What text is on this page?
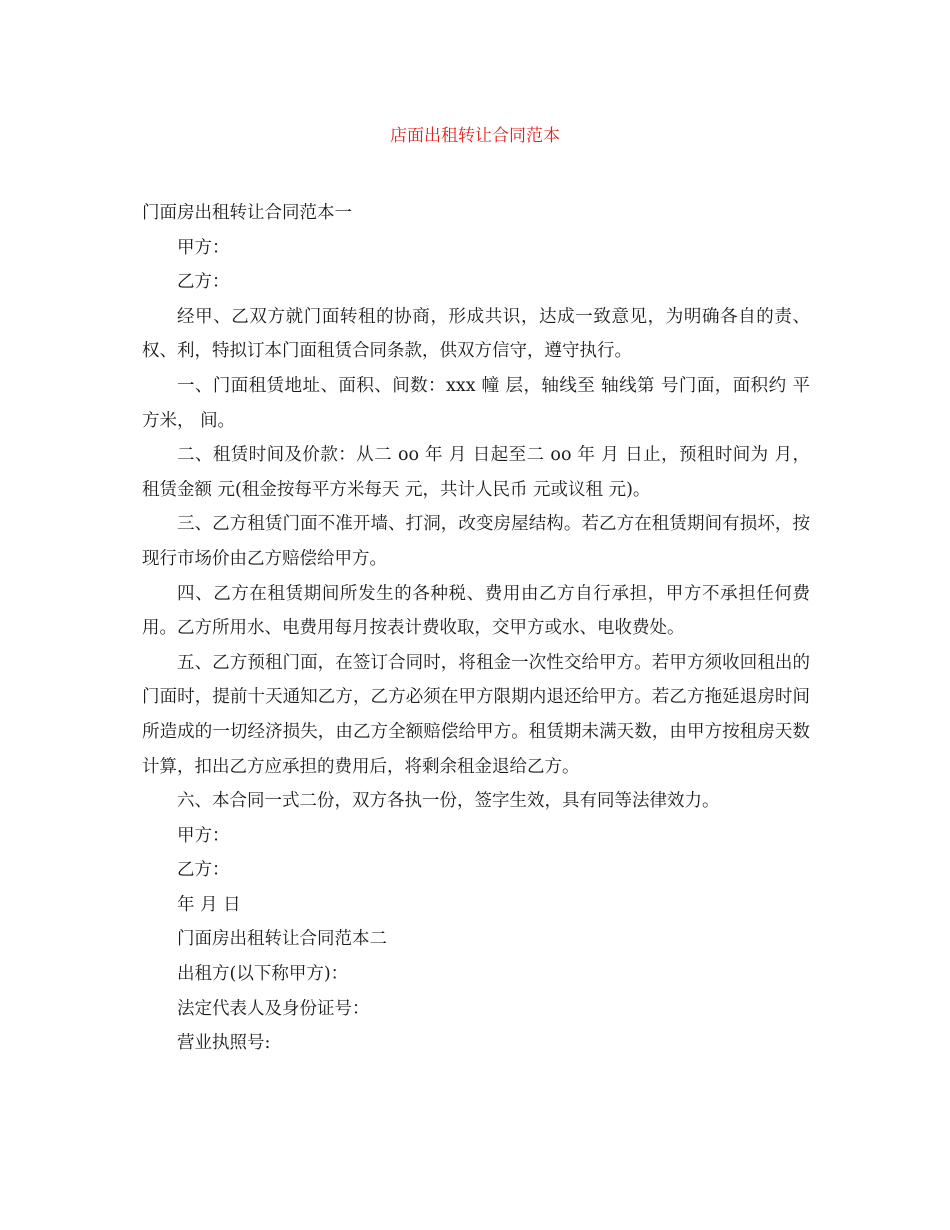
店面出租转让合同范本

门面房出租转让合同范本一

甲方：

乙方：

经甲、乙双方就门面转租的协商，形成共识，达成一致意见，为明确各自的责、权、利，特拟订本门面租赁合同条款，供双方信守，遵守执行。

一、门面租赁地址、面积、间数：xxx 幢 层，轴线至 轴线第 号门面，面积约 平方米， 间。

二、租赁时间及价款：从二 oo 年 月 日起至二 oo 年 月 日止，预租时间为 月，租赁金额 元(租金按每平方米每天 元，共计人民币 元或议租 元)。

三、乙方租赁门面不准开墙、打洞，改变房屋结构。若乙方在租赁期间有损坏，按现行市场价由乙方赔偿给甲方。

四、乙方在租赁期间所发生的各种税、费用由乙方自行承担，甲方不承担任何费用。乙方所用水、电费用每月按表计费收取，交甲方或水、电收费处。

五、乙方预租门面，在签订合同时，将租金一次性交给甲方。若甲方须收回租出的门面时，提前十天通知乙方，乙方必须在甲方限期内退还给甲方。若乙方拖延退房时间所造成的一切经济损失，由乙方全额赔偿给甲方。租赁期未满天数，由甲方按租房天数计算，扣出乙方应承担的费用后，将剩余租金退给乙方。

六、本合同一式二份，双方各执一份，签字生效，具有同等法律效力。

甲方：

乙方：

年 月 日

门面房出租转让合同范本二

出租方(以下称甲方)：

法定代表人及身份证号：

营业执照号:
